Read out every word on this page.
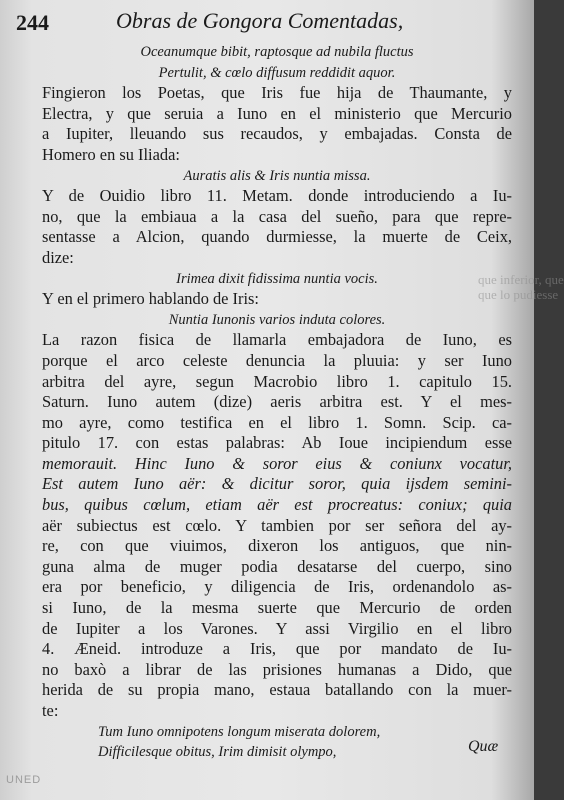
244	Obras de Gongora Comentadas,
Oceanumque bibit, raptosque ad nubila fluctus
Pertulit, & cœlo diffusum reddidit aquor.
Fingieron los Poetas, que Iris fue hija de Thaumante, y
Electra, y que seruia a Iuno en el ministerio que Mercurio
a Iupiter, lleuando sus recaudos, y embajadas. Consta de
Homero en su Iliada:
Auratis alis & Iris nuntia missa.
Y de Ouidio libro 11. Metam. donde introduciendo a Iu-
no, que la embiaua a la casa del sueño, para que repre-
sentasse a Alcion, quando durmiesse, la muerte de Ceix,
dize:
Irimea dixit fidissima nuntia vocis.
Y en el primero hablando de Iris:
Nuntia Iunonis varios induta colores.
La razon fisica de llamarla embajadora de Iuno, es
porque el arco celeste denuncia la pluuia: y ser Iuno
arbitra del ayre, segun Macrobio libro 1. capitulo 15.
Saturn. Iuno autem (dize) aeris arbitra est. Y el mes-
mo ayre, como testifica en el libro 1. Somn. Scip. ca-
pitulo 17. con estas palabras: Ab Ioue incipiendum esse
memorauit. Hinc Iuno & soror eius & coniunx vocatur,
Est autem Iuno aër: & dicitur soror, quia ijsdem semini-
bus, quibus cœlum, etiam aër est procreatus: coniux; quia
aër subiectus est cœlo. Y tambien por ser señora del ay-
re, con que viuimos, dixeron los antiguos, que nin-
guna alma de muger podia desatarse del cuerpo, sino
era por beneficio, y diligencia de Iris, ordenandolo as-
si Iuno, de la mesma suerte que Mercurio de orden
de Iupiter a los Varones. Y assi Virgilio en el libro
4. Æneid. introduze a Iris, que por mandato de Iu-
no baxò a librar de las prisiones humanas a Dido, que
herida de su propia mano, estaua batallando con la muer-
te:
Tum Iuno omnipotens longum miserata dolorem,
Difficilesque obitus, Irim dimisit olympo,
que inferior, que
que lo pudiesse
Quæ
UNED
